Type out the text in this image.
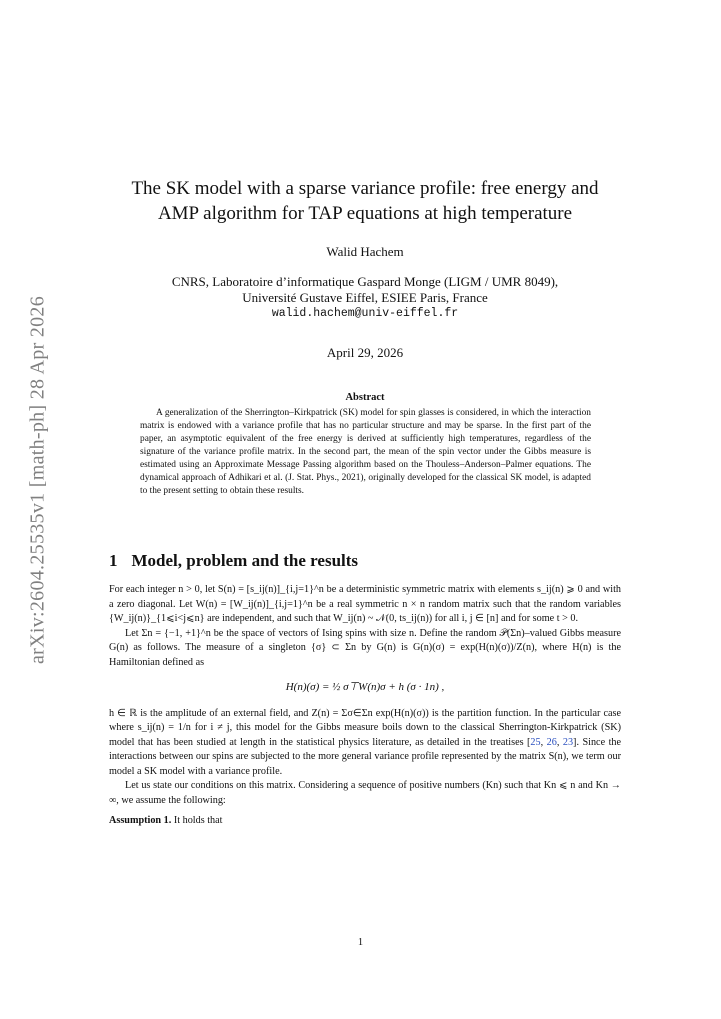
arXiv:2604.25535v1 [math-ph] 28 Apr 2026
The SK model with a sparse variance profile: free energy and
AMP algorithm for TAP equations at high temperature
Walid Hachem
CNRS, Laboratoire d’informatique Gaspard Monge (LIGM / UMR 8049),
Université Gustave Eiffel, ESIEE Paris, France
walid.hachem@univ-eiffel.fr
April 29, 2026
Abstract

A generalization of the Sherrington–Kirkpatrick (SK) model for spin glasses is considered, in which the interaction matrix is endowed with a variance profile that has no particular structure and may be sparse. In the first part of the paper, an asymptotic equivalent of the free energy is derived at sufficiently high temperatures, regardless of the signature of the variance profile matrix. In the second part, the mean of the spin vector under the Gibbs measure is estimated using an Approximate Message Passing algorithm based on the Thouless–Anderson–Palmer equations. The dynamical approach of Adhikari et al. (J. Stat. Phys., 2021), originally developed for the classical SK model, is adapted to the present setting to obtain these results.

1 Model, problem and the results

For each integer n > 0, let S(n) = [s_ij(n)]_{i,j=1}^n be a deterministic symmetric matrix with elements s_ij(n) ⩾ 0 and with a zero diagonal. Let W(n) = [W_ij(n)]_{i,j=1}^n be a real symmetric n × n random matrix such that the random variables {W_ij(n)}_{1⩽i<j⩽n} are independent, and such that W_ij(n) ~ 𝒩(0, ts_ij(n)) for all i, j ∈ [n] and for some t > 0.

Let Σn = {−1, +1}^n be the space of vectors of Ising spins with size n. Define the random 𝒫(Σn)–valued Gibbs measure G(n) as follows. The measure of a singleton {σ} ⊂ Σn by G(n) is G(n)(σ) = exp(H(n)(σ))/Z(n), where H(n) is the Hamiltonian defined as

H(n)(σ) = ½ σ⊤W(n)σ + h (σ · 1n) ,

h ∈ ℝ is the amplitude of an external field, and Z(n) = Σσ∈Σn exp(H(n)(σ)) is the partition function. In the particular case where s_ij(n) = 1/n for i ≠ j, this model for the Gibbs measure boils down to the classical Sherrington-Kirkpatrick (SK) model that has been studied at length in the statistical physics literature, as detailed in the treatises [25, 26, 23]. Since the interactions between our spins are subjected to the more general variance profile represented by the matrix S(n), we term our model a SK model with a variance profile.

Let us state our conditions on this matrix. Considering a sequence of positive numbers (Kn) such that Kn ⩽ n and Kn → ∞, we assume the following:

Assumption 1. It holds that

1
